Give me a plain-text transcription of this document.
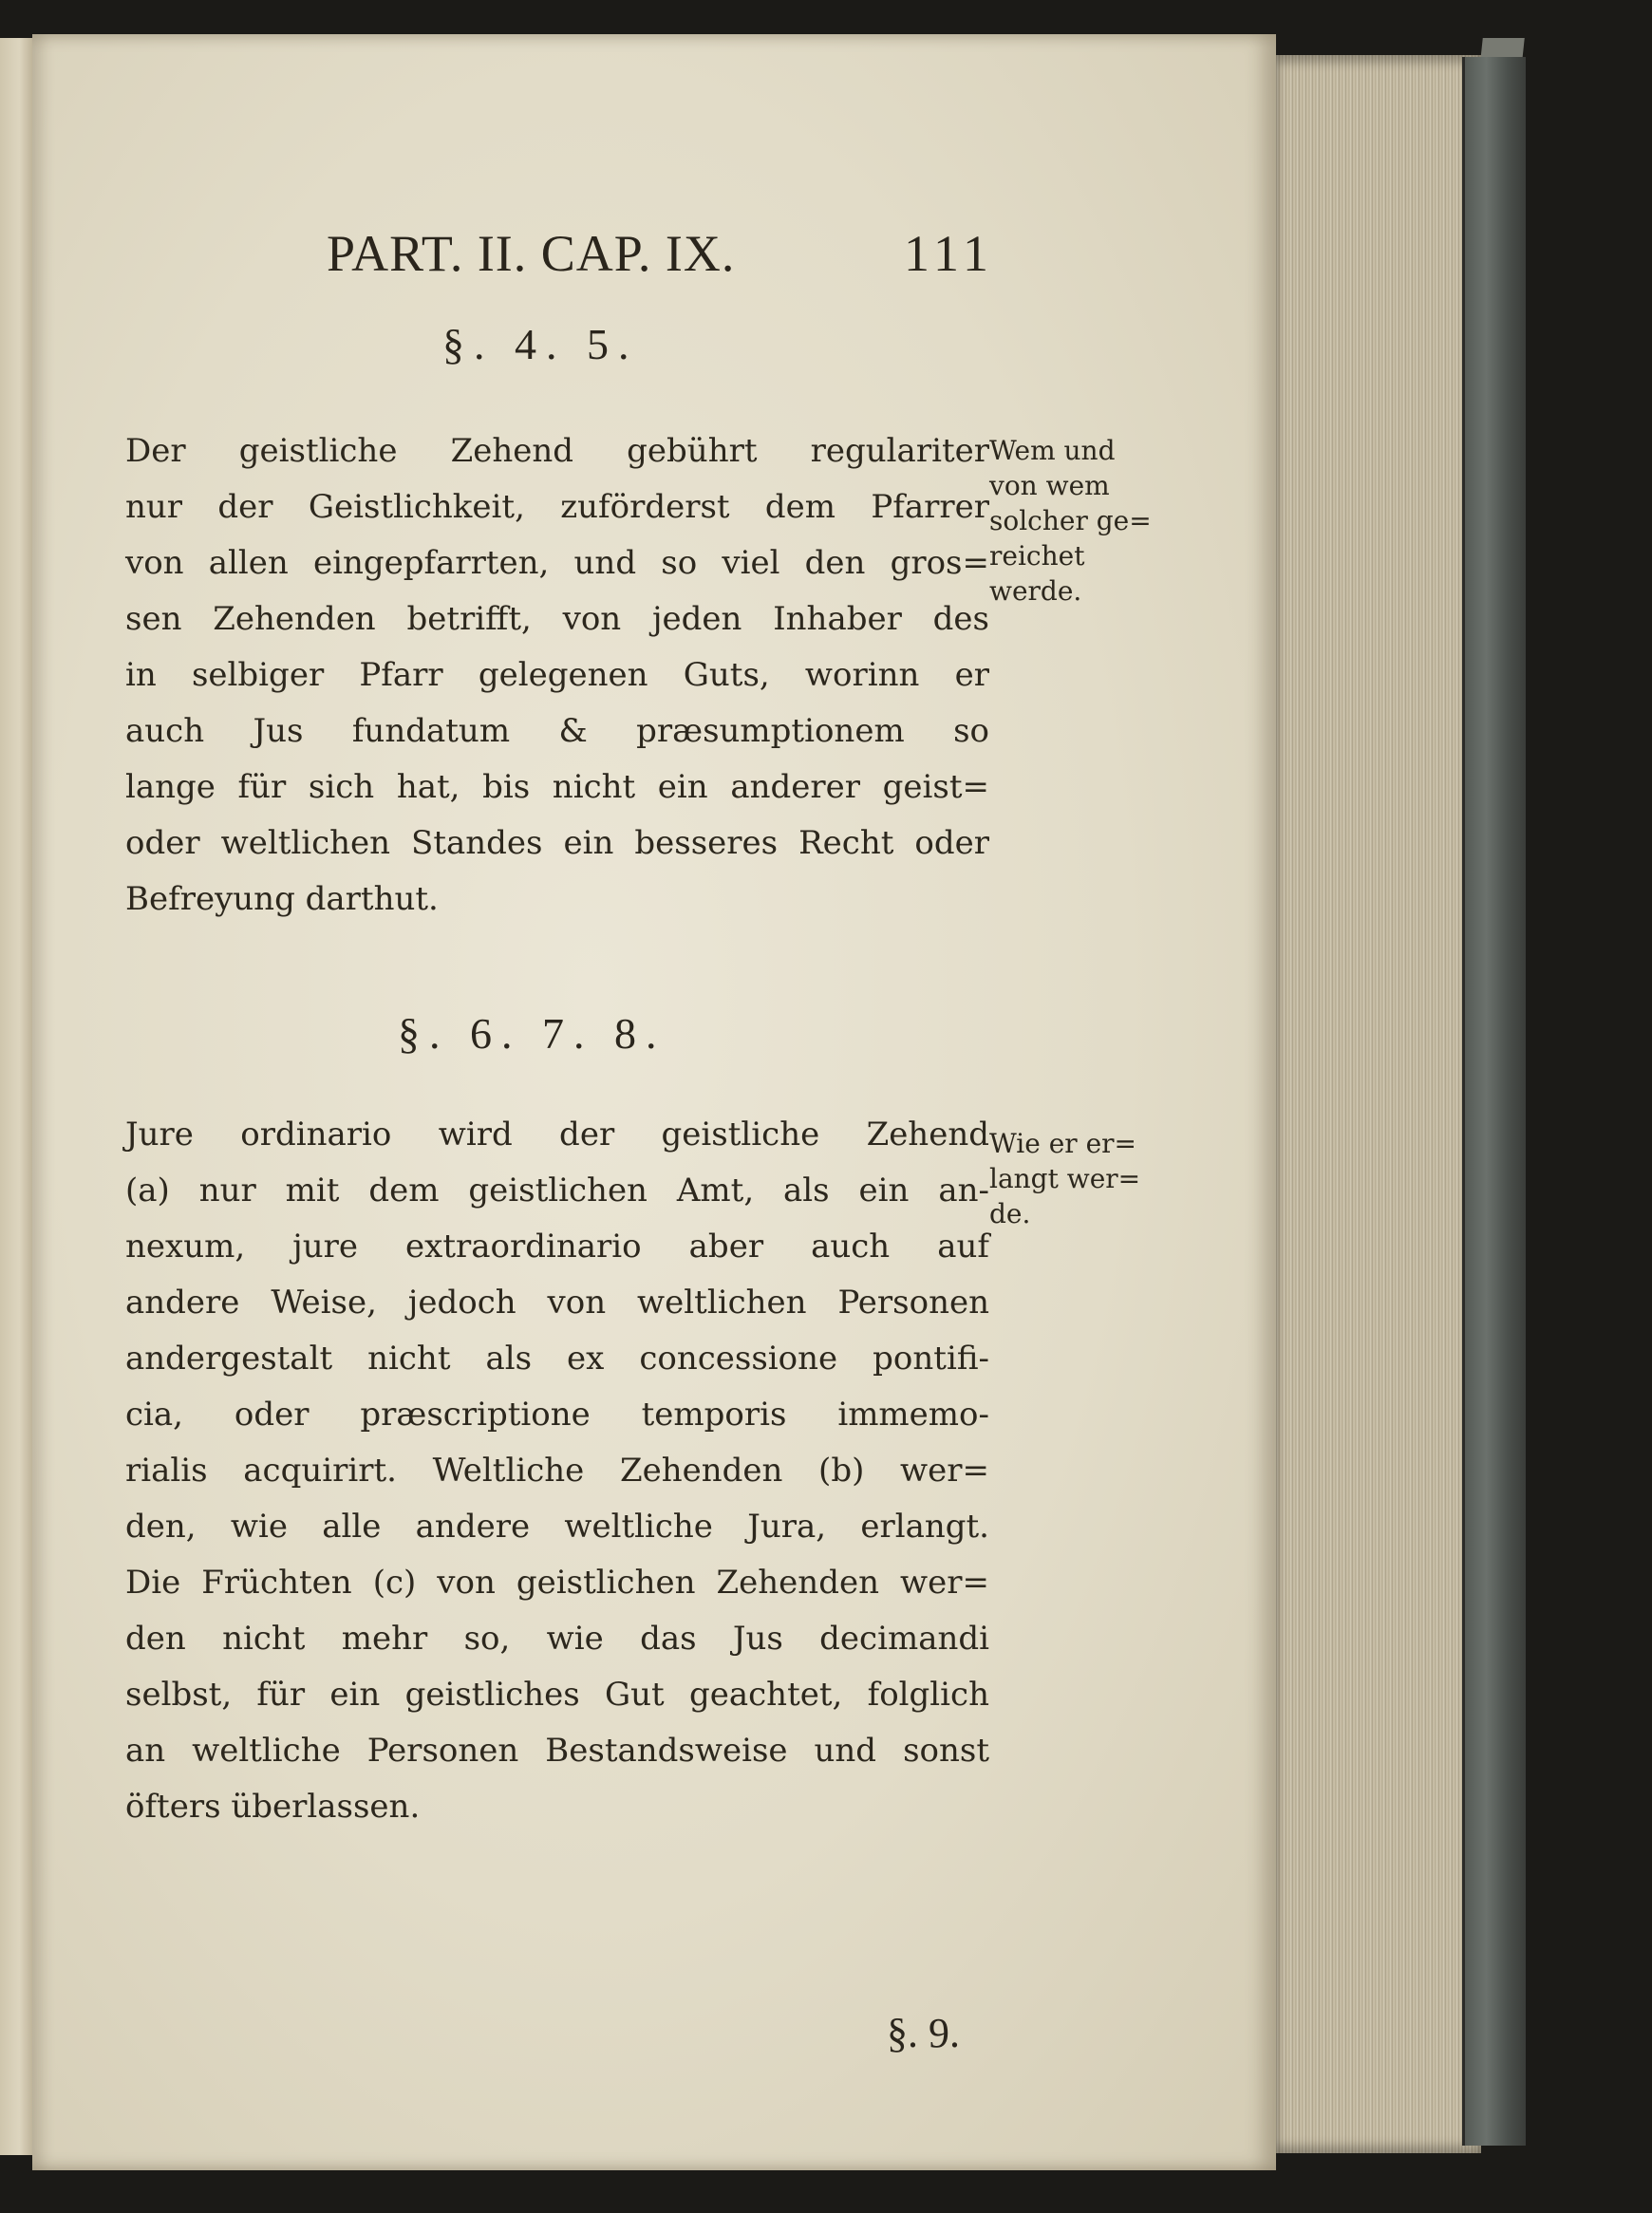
PART. II. CAP. IX.	111
§. 4. 5.
Der geistliche Zehend gebührt regulariter
nur der Geistlichkeit, zuförderst dem Pfarrer
von allen eingepfarrten, und so viel den gros=
sen Zehenden betrifft, von jeden Inhaber des
in selbiger Pfarr gelegenen Guts, worinn er
auch Jus fundatum & præsumptionem so
lange für sich hat, bis nicht ein anderer geist=
oder weltlichen Standes ein besseres Recht oder
Befreyung darthut.
Wem und
von wem
solcher ge=
reichet
werde.
§. 6. 7. 8.
Jure ordinario wird der geistliche Zehend
(a) nur mit dem geistlichen Amt, als ein an-
nexum, jure extraordinario aber auch auf
andere Weise, jedoch von weltlichen Personen
andergestalt nicht als ex concessione pontifi-
cia, oder præscriptione temporis immemo-
rialis acquirirt. Weltliche Zehenden (b) wer=
den, wie alle andere weltliche Jura, erlangt.
Die Früchten (c) von geistlichen Zehenden wer=
den nicht mehr so, wie das Jus decimandi
selbst, für ein geistliches Gut geachtet, folglich
an weltliche Personen Bestandsweise und sonst
öfters überlassen.
Wie er er=
langt wer=
de.
§. 9.
